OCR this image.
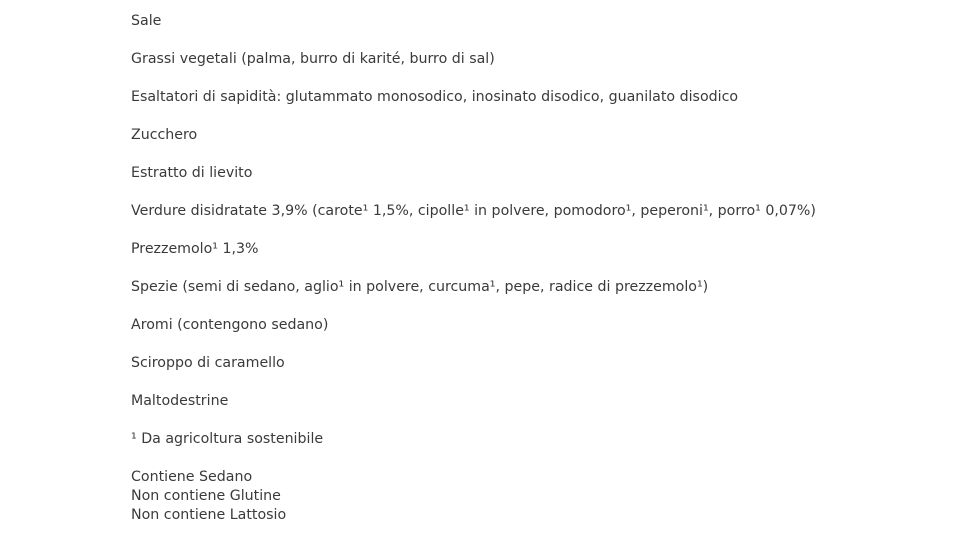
Sale
Grassi vegetali (palma, burro di karité, burro di sal)
Esaltatori di sapidità: glutammato monosodico, inosinato disodico, guanilato disodico
Zucchero
Estratto di lievito
Verdure disidratate 3,9% (carote¹ 1,5%, cipolle¹ in polvere, pomodoro¹, peperoni¹, porro¹ 0,07%)
Prezzemolo¹ 1,3%
Spezie (semi di sedano, aglio¹ in polvere, curcuma¹, pepe, radice di prezzemolo¹)
Aromi (contengono sedano)
Sciroppo di caramello
Maltodestrine
¹ Da agricoltura sostenibile
Contiene Sedano
Non contiene Glutine
Non contiene Lattosio
